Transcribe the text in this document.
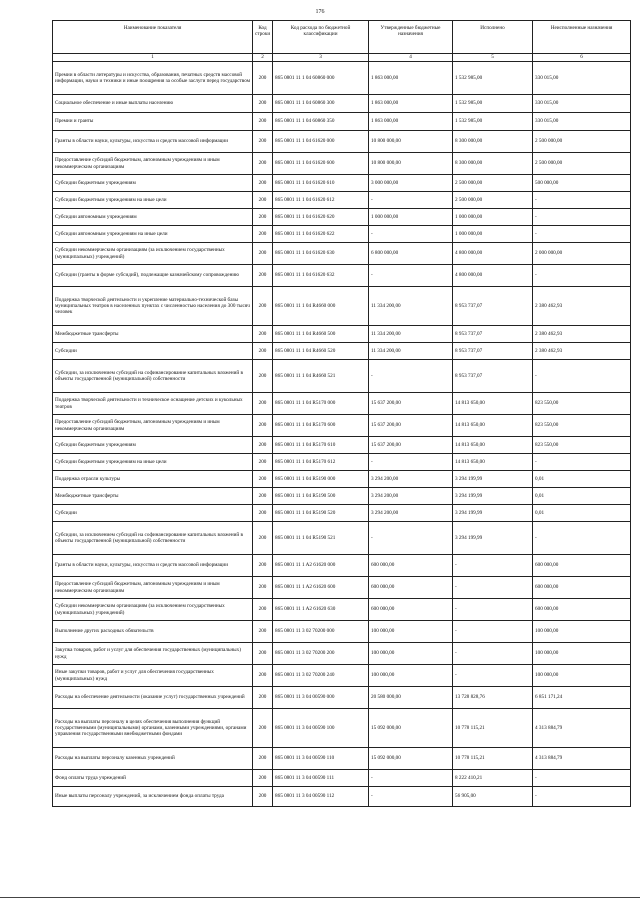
176
Наименование показателя	Код строки	Код расхода по бюджетной классификации	Утвержденные бюджетные назначения	Исполнено	Неисполненные назначения
1	2	3	4	5	6
Премии в области литературы и искусства, образования, печатных средств массовой информации, науки и техники и иные поощрения за особые заслуги перед государством	200	865 0801 11 1 04 60860 000	1 863 000,00	1 532 985,00	330 015,00
Социальное обеспечение и иные выплаты населению	200	865 0801 11 1 04 60860 300	1 863 000,00	1 532 985,00	330 015,00
Премии и гранты	200	865 0801 11 1 04 60860 350	1 863 000,00	1 532 985,00	330 015,00
Гранты в области науки, культуры, искусства и средств массовой информации	200	865 0801 11 1 04 61620 000	10 800 000,00	8 300 000,00	2 500 000,00
Предоставление субсидий бюджетным, автономным учреждениям и иным некоммерческим организациям	200	865 0801 11 1 04 61620 600	10 800 000,00	8 300 000,00	2 500 000,00
Субсидии бюджетным учреждениям	200	865 0801 11 1 04 61620 610	3 000 000,00	2 500 000,00	500 000,00
Субсидии бюджетным учреждениям на иные цели	200	865 0801 11 1 04 61620 612	-	2 500 000,00	-
Субсидии автономным учреждениям	200	865 0801 11 1 04 61620 620	1 000 000,00	1 000 000,00	-
Субсидии автономным учреждениям на иные цели	200	865 0801 11 1 04 61620 622	-	1 000 000,00	-
Субсидии некоммерческим организациям (за исключением государственных (муниципальных) учреждений)	200	865 0801 11 1 04 61620 630	6 800 000,00	4 800 000,00	2 000 000,00
Субсидии (гранты в форме субсидий), подлежащие казначейскому сопровождению	200	865 0801 11 1 04 61620 632	-	4 800 000,00	-
Поддержка творческой деятельности и укрепление материально-технической базы муниципальных театров в населенных пунктах с численностью населения до 300 тысяч человек	200	865 0801 11 1 04 R4660 000	11 334 200,00	8 953 737,07	2 380 462,93
Межбюджетные трансферты	200	865 0801 11 1 04 R4660 500	11 334 200,00	8 953 737,07	2 380 462,93
Субсидии	200	865 0801 11 1 04 R4660 520	11 334 200,00	8 953 737,07	2 380 462,93
Субсидии, за исключением субсидий на софинансирование капитальных вложений в объекты государственной (муниципальной) собственности	200	865 0801 11 1 04 R4660 521	-	8 953 737,07	-
Поддержка творческой деятельности и техническое оснащение детских и кукольных театров	200	865 0801 11 1 04 R5170 000	15 637 200,00	14 813 650,00	823 550,00
Предоставление субсидий бюджетным, автономным учреждениям и иным некоммерческим организациям	200	865 0801 11 1 04 R5170 600	15 637 200,00	14 813 650,00	823 550,00
Субсидии бюджетным учреждениям	200	865 0801 11 1 04 R5170 610	15 637 200,00	14 813 650,00	823 550,00
Субсидии бюджетным учреждениям на иные цели	200	865 0801 11 1 04 R5170 612	-	14 813 650,00	-
Поддержка отрасли культуры	200	865 0801 11 1 04 R5190 000	3 294 200,00	3 294 199,99	0,01
Межбюджетные трансферты	200	865 0801 11 1 04 R5190 500	3 294 200,00	3 294 199,99	0,01
Субсидии	200	865 0801 11 1 04 R5190 520	3 294 200,00	3 294 199,99	0,01
Субсидии, за исключением субсидий на софинансирование капитальных вложений в объекты государственной (муниципальной) собственности	200	865 0801 11 1 04 R5190 521	-	3 294 199,99	-
Гранты в области науки, культуры, искусства и средств массовой информации	200	865 0801 11 1 A2 61620 000	600 000,00	-	600 000,00
Предоставление субсидий бюджетным, автономным учреждениям и иным некоммерческим организациям	200	865 0801 11 1 A2 61620 600	600 000,00	-	600 000,00
Субсидии некоммерческим организациям (за исключением государственных (муниципальных) учреждений)	200	865 0801 11 1 A2 61620 630	600 000,00	-	600 000,00
Выполнение других расходных обязательств	200	865 0801 11 3 02 70200 000	100 000,00	-	100 000,00
Закупка товаров, работ и услуг для обеспечения государственных (муниципальных) нужд	200	865 0801 11 3 02 70200 200	100 000,00	-	100 000,00
Иные закупки товаров, работ и услуг для обеспечения государственных (муниципальных) нужд	200	865 0801 11 3 02 70200 240	100 000,00	-	100 000,00
Расходы на обеспечение деятельности (оказание услуг) государственных учреждений	200	865 0801 11 3 04 00590 000	20 580 000,00	13 728 828,76	6 851 171,24
Расходы на выплаты персоналу в целях обеспечения выполнения функций государственными (муниципальными) органами, казенными учреждениями, органами управления государственными внебюджетными фондами	200	865 0801 11 3 04 00590 100	15 092 000,00	10 778 115,21	4 313 884,79
Расходы на выплаты персоналу казенных учреждений	200	865 0801 11 3 04 00590 110	15 092 000,00	10 778 115,21	4 313 884,79
Фонд оплаты труда учреждений	200	865 0801 11 3 04 00590 111	-	8 222 410,21	-
Иные выплаты персоналу учреждений, за исключением фонда оплаты труда	200	865 0801 11 3 04 00590 112	-	56 905,00	-
